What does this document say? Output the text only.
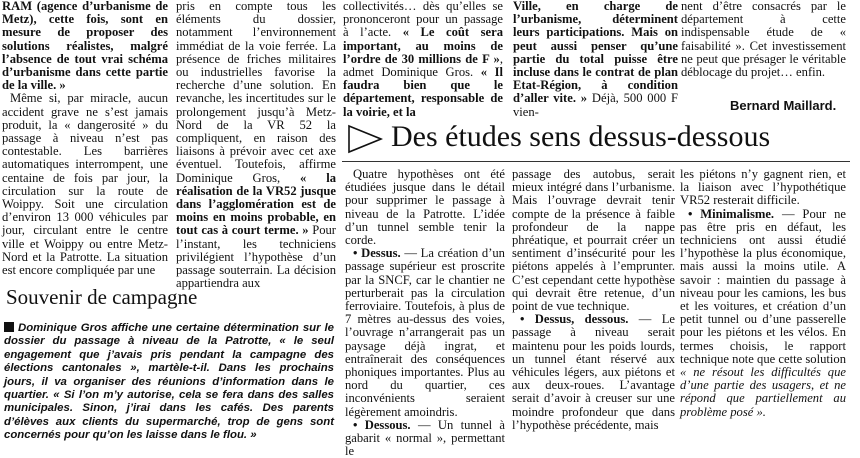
RAM (agence d’urbanisme de Metz), cette fois, sont en mesure de proposer des solutions réalistes, malgré l’absence de tout vrai schéma d’urbanisme dans cette partie de la ville. »

Même si, par miracle, aucun accident grave ne s’est jamais produit, la « dangerosité » du passage à niveau n’est pas contestable. Les barrières automatiques interrompent, une centaine de fois par jour, la circulation sur la route de Woippy. Soit une circulation d’environ 13 000 véhicules par jour, circulant entre le centre ville et Woippy ou entre Metz-Nord et la Patrotte. La situation est encore compliquée par une

pris en compte tous les éléments du dossier, notamment l’environnement immédiat de la voie ferrée. La présence de friches militaires ou industrielles favorise la recherche d’une solution. En revanche, les incertitudes sur le prolongement jusqu’à Metz-Nord de la VR 52 la compliquent, en raison des liaisons à prévoir avec cet axe éventuel. Toutefois, affirme Dominique Gros, « la réalisation de la VR52 jusque dans l’agglomération est de moins en moins probable, en tout cas à court terme. » Pour l’instant, les techniciens privilégient l’hypothèse d’un passage souterrain. La décision appartiendra aux

collectivités… dès qu’elles se prononceront pour un passage à l’acte. « Le coût sera important, au moins de l’ordre de 30 millions de F », admet Dominique Gros. « Il faudra bien que le département, responsable de la voirie, et la

Ville, en charge de l’urbanisme, déterminent leurs participations. Mais on peut aussi penser qu’une partie du total puisse être incluse dans le contrat de plan Etat-Région, à condition d’aller vite. » Déjà, 500 000 F vien-

nent d’être consacrés par le département à cette indispensable étude de « faisabilité ». Cet investissement ne peut que présager le véritable déblocage du projet… enfin.

Bernard Maillard.
Des études sens dessus-dessous
Souvenir de campagne
Dominique Gros affiche une certaine détermination sur le dossier du passage à niveau de la Patrotte, « le seul engagement que j’avais pris pendant la campagne des élections cantonales », martèle-t-il. Dans les prochains jours, il va organiser des réunions d’information dans le quartier. « Si l’on m’y autorise, cela se fera dans des salles municipales. Sinon, j’irai dans les cafés. Des parents d’élèves aux clients du supermarché, trop de gens sont concernés pour qu’on les laisse dans le flou. »

Quatre hypothèses ont été étudiées jusque dans le détail pour supprimer le passage à niveau de la Patrotte. L’idée d’un tunnel semble tenir la corde.

• Dessus. — La création d’un passage supérieur est proscrite par la SNCF, car le chantier ne perturberait pas la circulation ferroviaire. Toutefois, à plus de 7 mètres au-dessus des voies, l’ouvrage n’arrangerait pas un paysage déjà ingrat, et entraînerait des conséquences phoniques importantes. Plus au nord du quartier, ces inconvénients seraient légèrement amoindris.

• Dessous. — Un tunnel à gabarit « normal », permettant le

passage des autobus, serait mieux intégré dans l’urbanisme. Mais l’ouvrage devrait tenir compte de la présence à faible profondeur de la nappe phréatique, et pourrait créer un sentiment d’insécurité pour les piétons appelés à l’emprunter. C’est cependant cette hypothèse qui devrait être retenue, d’un point de vue technique.

• Dessus, dessous. — Le passage à niveau serait maintenu pour les poids lourds, un tunnel étant réservé aux véhicules légers, aux piétons et aux deux-roues. L’avantage serait d’avoir à creuser sur une moindre profondeur que dans l’hypothèse précédente, mais

les piétons n’y gagnent rien, et la liaison avec l’hypothétique VR52 resterait difficile.

• Minimalisme. — Pour ne pas être pris en défaut, les techniciens ont aussi étudié l’hypothèse la plus économique, mais aussi la moins utile. A savoir : maintien du passage à niveau pour les camions, les bus et les voitures, et création d’un petit tunnel ou d’une passerelle pour les piétons et les vélos. En termes choisis, le rapport technique note que cette solution « ne résout les difficultés que d’une partie des usagers, et ne répond que partiellement au problème posé ».
